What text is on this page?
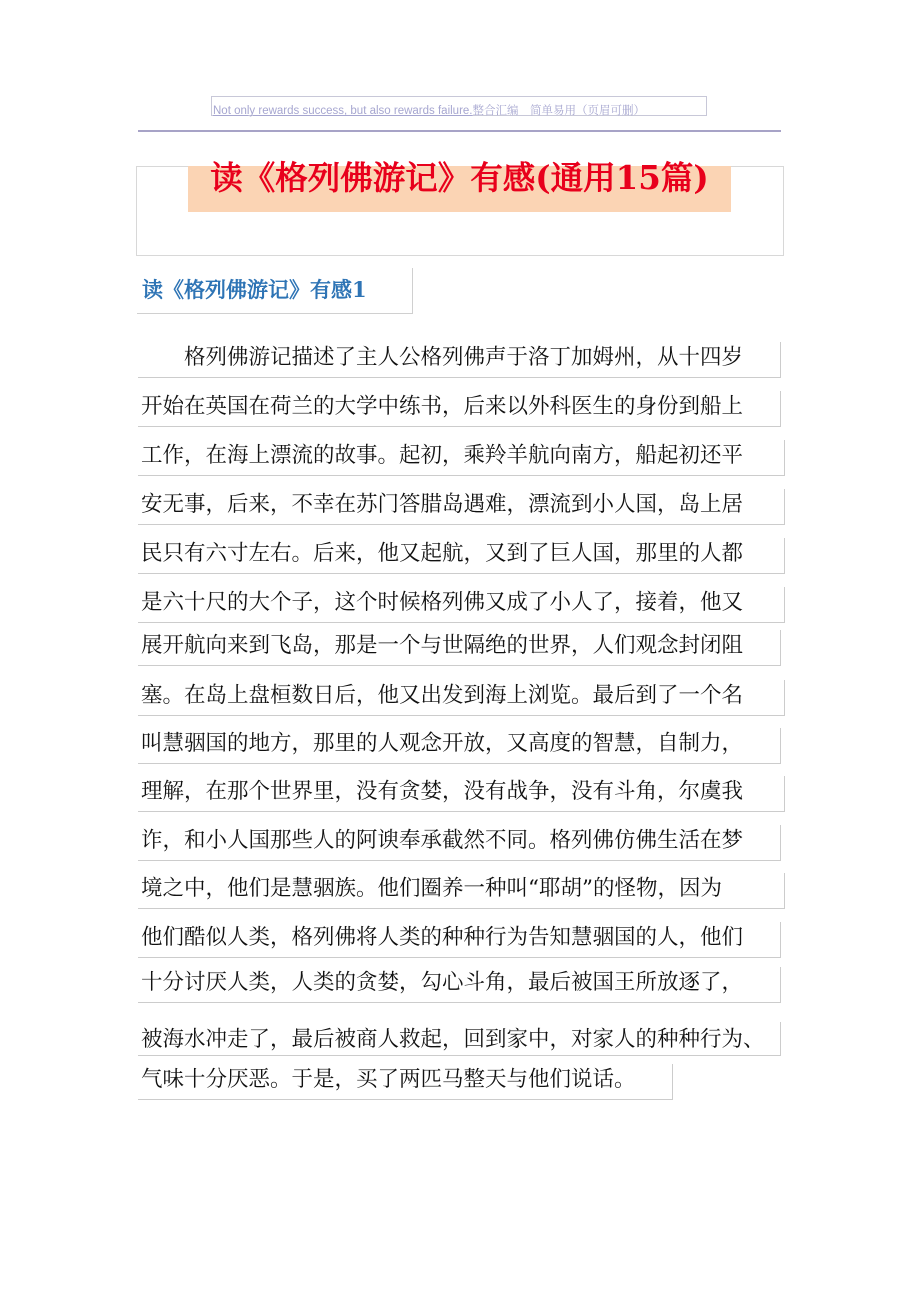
Not only rewards success, but also rewards failure.整合汇编　简单易用（页眉可删）
读《格列佛游记》有感(通用15篇)
读《格列佛游记》有感1
　　格列佛游记描述了主人公格列佛声于洛丁加姆州，从十四岁
开始在英国在荷兰的大学中练书，后来以外科医生的身份到船上
工作，在海上漂流的故事。起初，乘羚羊航向南方，船起初还平
安无事，后来，不幸在苏门答腊岛遇难，漂流到小人国，岛上居
民只有六寸左右。后来，他又起航，又到了巨人国，那里的人都
是六十尺的大个子，这个时候格列佛又成了小人了，接着，他又
展开航向来到飞岛，那是一个与世隔绝的世界，人们观念封闭阻
塞。在岛上盘桓数日后，他又出发到海上浏览。最后到了一个名
叫慧骃国的地方，那里的人观念开放，又高度的智慧，自制力，
理解，在那个世界里，没有贪婪，没有战争，没有斗角，尔虞我
诈，和小人国那些人的阿谀奉承截然不同。格列佛仿佛生活在梦
境之中，他们是慧骃族。他们圈养一种叫“耶胡”的怪物，因为
他们酷似人类，格列佛将人类的种种行为告知慧骃国的人，他们
十分讨厌人类，人类的贪婪，勾心斗角，最后被国王所放逐了，
被海水冲走了，最后被商人救起，回到家中，对家人的种种行为、
气味十分厌恶。于是，买了两匹马整天与他们说话。
